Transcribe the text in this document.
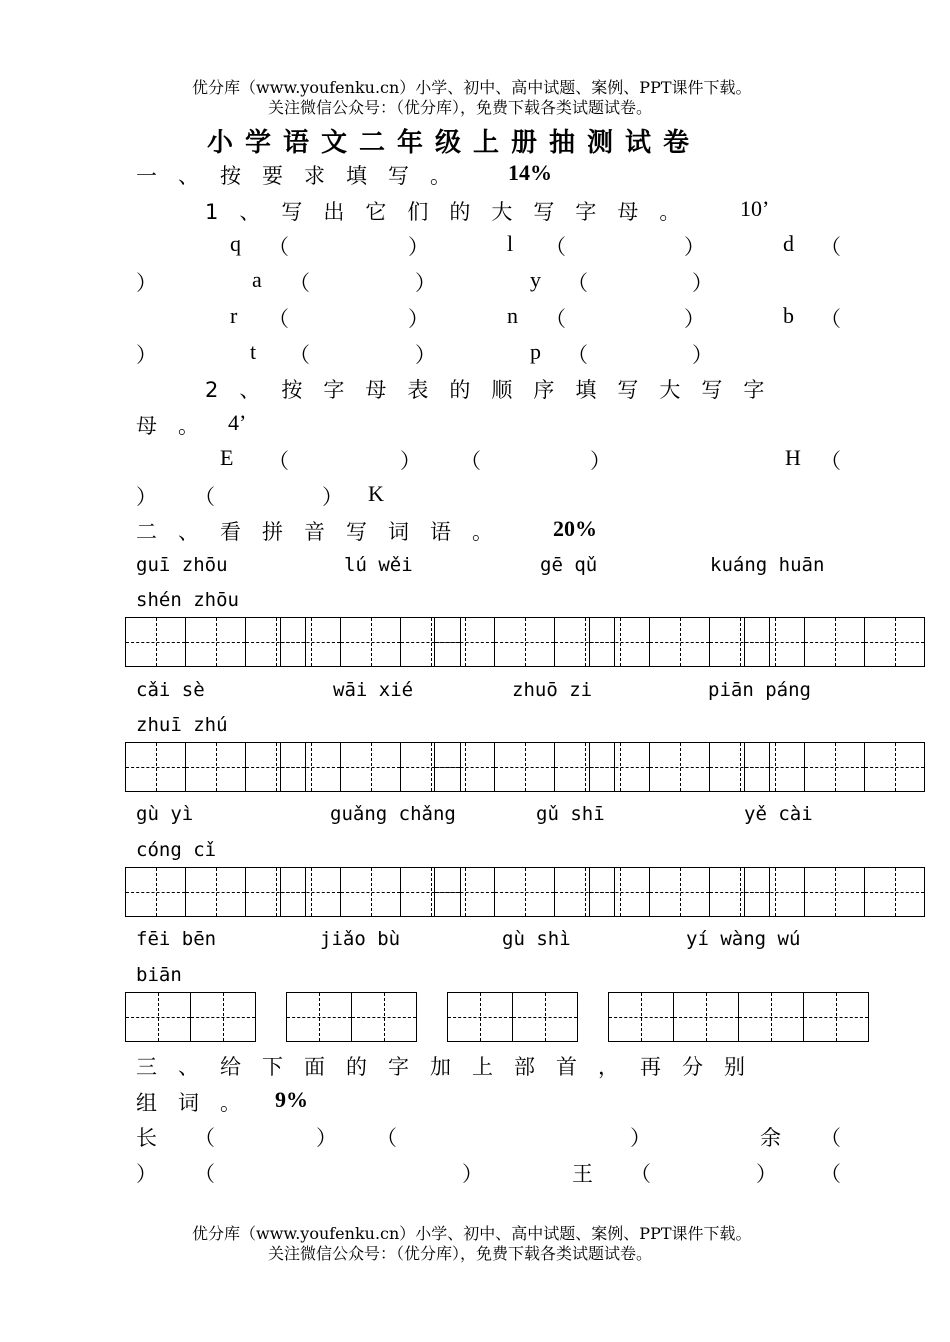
优分库（www.youfenku.cn）小学、初中、高中试题、案例、PPT课件下载。
关注微信公众号：（优分库），免费下载各类试题试卷。
小学语文二年级上册抽测试卷
一、按要求填写。 14%
1、写出它们的大写字母。 10’
q （	）	l （	）	d （
）	a （	）	y （	）
r （	）	n （	）	b （
）	t （	）	p （	）
2、按字母表的顺序填写大写字
母。 4’
E （	） （	）	H （
） （	） K
二、看拼音写词语。 20%
guī zhōu	lú wěi	gē qǔ	kuáng huān
shén zhōu
cǎi sè	wāi xié	zhuō zi	piān páng
zhuī zhú
gù yì	guǎng chǎng	gǔ shī	yě cài
cóng cǐ
fēi bēn	jiǎo bù	gù shì	yí wàng wú
biān
三、给下面的字加上部首，再分别
组词。 9%
长 （	） （	）	余 （
） （	）	王 （	） （
优分库（www.youfenku.cn）小学、初中、高中试题、案例、PPT课件下载。
关注微信公众号：（优分库），免费下载各类试题试卷。
